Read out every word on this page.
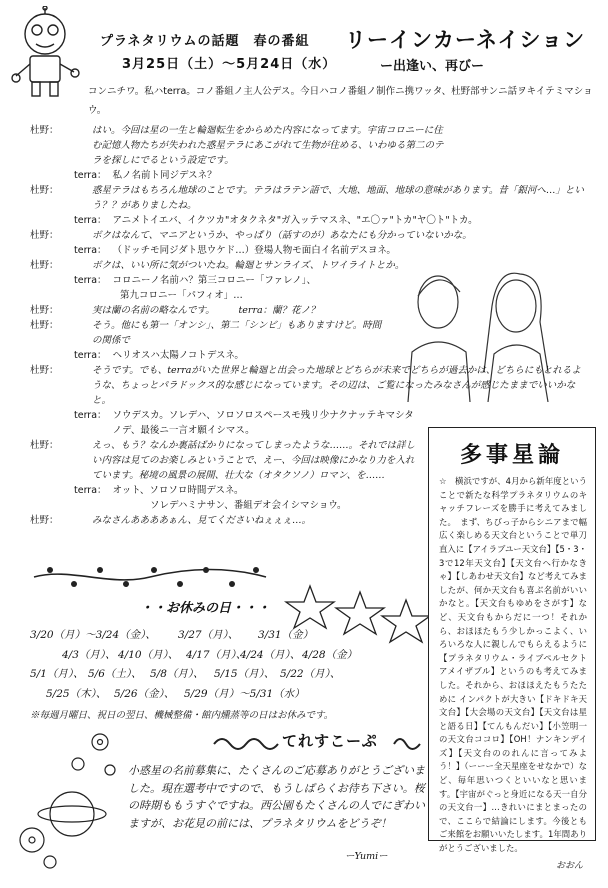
プラネタリウムの話題　春の番組
3月25日（土）～5月24日（水）
リーインカーネイション
ー出逢い、再びー
コンニチワ。私ハterra。コノ番組ノ主人公デス。今日ハコノ番組ノ制作ニ携ワッタ、杜野部サンニ話ヲキイテミマショウ。
杜野：	はい。今回は星の一生と輪廻転生をからめた内容になってます。宇宙コロニーに住む記憶人物たちが失われた惑星テラにあこがれて生物が住める、いわゆる第二のテラを探しにでるという設定です。
terra： 私ノ名前ト同ジデスネ？
杜野：	惑星テラはもちろん地球のことです。テラはラテン語で、大地、地面、地球の意味があります。昔「銀河へ…」という？？がありましたね。
terra： アニメトイエバ、イクツカ"オタクネタ"ガ入ッテマスネ、"エ〇ァ"トカ"ヤ〇ト"トカ。
杜野：	ボクはなんて、マニアというか、やっぱり（話すのが）あなたにも分かっていないかな。
terra： （ドッチモ同ジダト思ウケド…）登場人物モ面白イ名前デスヨネ。
杜野：	ボクは、いい所に気がついたね。輪廻とサンライズ、トワイライトとか。
terra： コロニーノ名前ハ？第三コロニー「ファレノ」、
第九コロニー「パフィオ」…
杜野：	実は蘭の名前の略なんです。　　　terra：蘭？花ノ？
杜野：	そう。他にも第一「オンシ」、第二「シンビ」もありますけど。時間の関係で
terra： ヘリオスハ太陽ノコトデスネ。
杜野：	そうです。でも、terraがいた世界と輪廻と出会った地球とどちらが未来でどちらが過去かは、どちらにもとれるような、ちょっとパラドックス的な感じになっています。その辺は、ご覧になったみなさんが感じたままでいいかなと。
terra： ソウデスカ。ソレデハ、ソロソロスペースモ残リ少ナクナッテキマシタノデ、最後ニ一言オ願イシマス。
杜野：	えっ、もう？なんか裏話ばかりになってしまったような……。それでは詳しい内容は見てのお楽しみということで、えー、今回は映像にかなり力を入れています。秘境の風景の展開、壮大な（オタクソノ）ロマン、を……
terra： オット、ソロソロ時間デスネ。
ソレデハミナサン、番組デオ会イシマショウ。
杜野：	みなさんああああぁん、見てくださいねぇぇぇ…。
・・お休みの日・・・
3/20（月）～3/24（金）、 3/27（月）、 3/31（金）
4/3（月）、 4/10（月）、 4/17（月）、
4/24（月）、 4/28（金）
5/1（月）、 5/6（土）、 5/8（月）、 5/15（月）、 5/22（月）、
5/25（木）、 5/26（金）、 5/29（月）～5/31（水）
※毎週月曜日、祝日の翌日、機械整備・館内燻蒸等の日はお休みです。
てれすこーぷ
小惑星の名前募集に、たくさんのご応募ありがとうございました。現在選考中ですので、もうしばらくお待ち下さい。桜の時期ももうすぐですね。西公園もたくさんの人でにぎわいますが、お花見の前には、プラネタリウムをどうぞ！
ーYumiー
多事星論
☆　横浜ですが、4月から新年度ということで新たな科学プラネタリウムのキャッチフレーズを勝手に考えてみました。　まず、ちびっ子からシニアまで幅広く楽しめる天文台ということで単刀直入に【アイラブユー天文台】【5・3・3で12年天文台】【天文台へ行かなきゃ】【しあわせ天文台】など考えてみましたが、何か天文台も喜ぶ名前がいいかなと。【天文台もゆめをさがす】など、天文台もからだに一つ！それから、おほほたもう少しかっこよく、いろいろな人に親しんでもらえるように【プラネタリウム・ライブペルセクトアメイザブル】というのも考えてみました。それから、おほほえたもうたために インパクトが大きい【ドキドキ天文台】【大会場の天文台】【天文台は星と語る日】【てんもんだい】【小笠明一の天文台ココロ】【OH！ナンキンデイズ】【天文台ののれんに言ってみよう！】（ーーー全天星座をせなかで）など、毎年思いつくといいなと思います。【宇宙がぐっと身近になる天一自分の天文台一】…きれいにまとまったので、ここらで結論にします。今後ともご来館をお願いいたします。1年間ありがとうございました。
おおん
